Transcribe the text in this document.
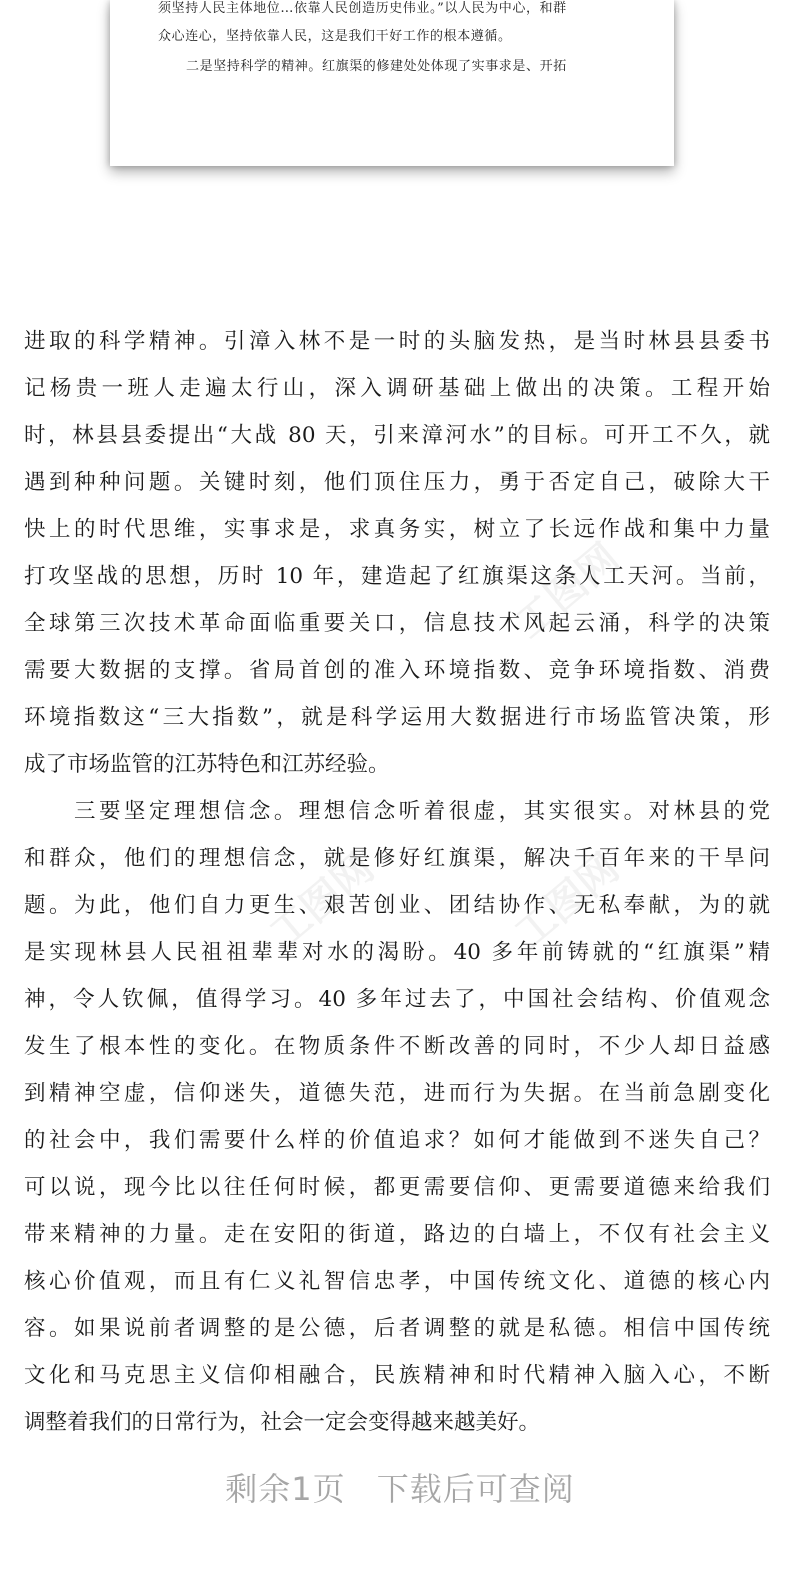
须坚持人民主体地位…依靠人民创造历史伟业。”以人民为中心，和群
众心连心，坚持依靠人民，这是我们干好工作的根本遵循。
二是坚持科学的精神。红旗渠的修建处处体现了实事求是、开拓
工图网
工图网	工图网
进取的科学精神。引漳入林不是一时的头脑发热，是当时林县县委书
记杨贵一班人走遍太行山，深入调研基础上做出的决策。工程开始
时，林县县委提出“大战 80 天，引来漳河水”的目标。可开工不久，就
遇到种种问题。关键时刻，他们顶住压力，勇于否定自己，破除大干
快上的时代思维，实事求是，求真务实，树立了长远作战和集中力量
打攻坚战的思想，历时 10 年，建造起了红旗渠这条人工天河。当前，
全球第三次技术革命面临重要关口，信息技术风起云涌，科学的决策
需要大数据的支撑。省局首创的准入环境指数、竞争环境指数、消费
环境指数这“三大指数”，就是科学运用大数据进行市场监管决策，形
成了市场监管的江苏特色和江苏经验。
　　三要坚定理想信念。理想信念听着很虚，其实很实。对林县的党
和群众，他们的理想信念，就是修好红旗渠，解决千百年来的干旱问
题。为此，他们自力更生、艰苦创业、团结协作、无私奉献，为的就
是实现林县人民祖祖辈辈对水的渴盼。40 多年前铸就的“红旗渠”精
神，令人钦佩，值得学习。40 多年过去了，中国社会结构、价值观念
发生了根本性的变化。在物质条件不断改善的同时，不少人却日益感
到精神空虚，信仰迷失，道德失范，进而行为失据。在当前急剧变化
的社会中，我们需要什么样的价值追求？如何才能做到不迷失自己？
可以说，现今比以往任何时候，都更需要信仰、更需要道德来给我们
带来精神的力量。走在安阳的街道，路边的白墙上，不仅有社会主义
核心价值观，而且有仁义礼智信忠孝，中国传统文化、道德的核心内
容。如果说前者调整的是公德，后者调整的就是私德。相信中国传统
文化和马克思主义信仰相融合，民族精神和时代精神入脑入心，不断
调整着我们的日常行为，社会一定会变得越来越美好。
剩余1页 下载后可查阅
